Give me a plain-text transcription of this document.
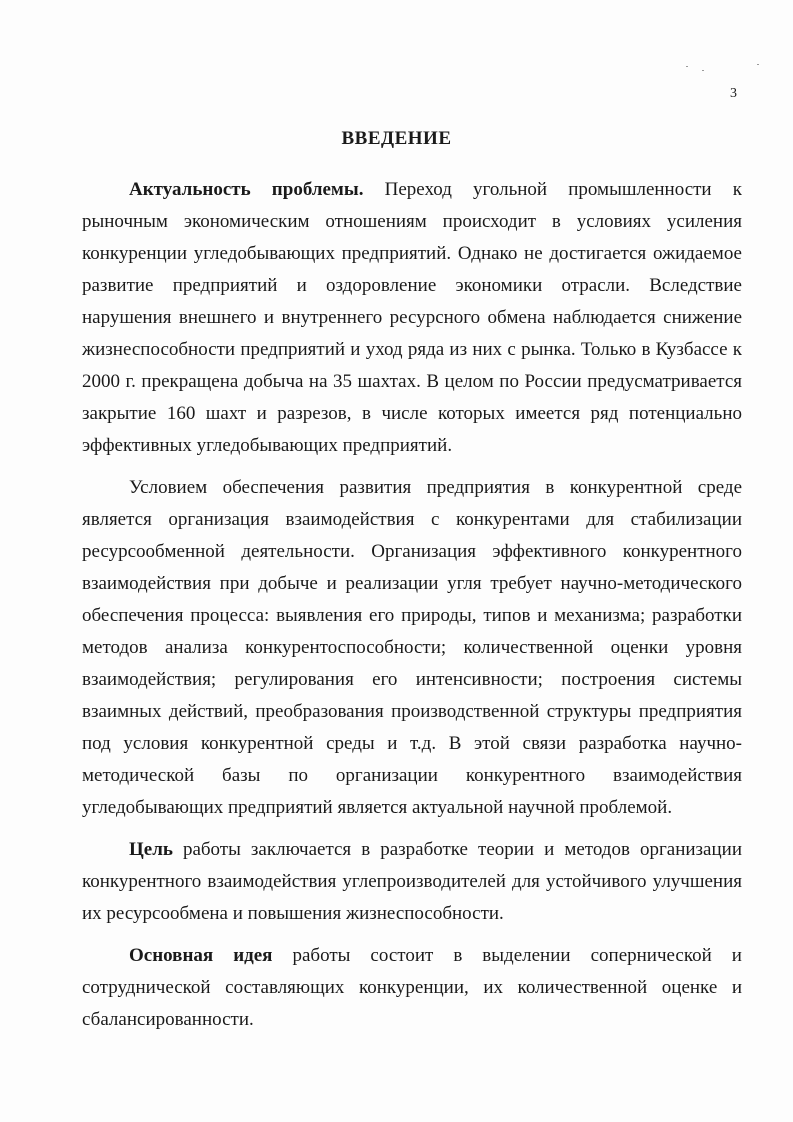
3
ВВЕДЕНИЕ

Актуальность проблемы. Переход угольной промышленности к рыночным экономическим отношениям происходит в условиях усиления конкуренции угледобывающих предприятий. Однако не достигается ожидаемое развитие предприятий и оздоровление экономики отрасли. Вследствие нарушения внешнего и внутреннего ресурсного обмена наблюдается снижение жизнеспособности предприятий и уход ряда из них с рынка. Только в Кузбассе к 2000 г. прекращена добыча на 35 шахтах. В целом по России предусматривается закрытие 160 шахт и разрезов, в числе которых имеется ряд потенциально эффективных угледобывающих предприятий.

Условием обеспечения развития предприятия в конкурентной среде является организация взаимодействия с конкурентами для стабилизации ресурсообменной деятельности. Организация эффективного конкурентного взаимодействия при добыче и реализации угля требует научно-методического обеспечения процесса: выявления его природы, типов и механизма; разработки методов анализа конкурентоспособности; количественной оценки уровня взаимодействия; регулирования его интенсивности; построения системы взаимных действий, преобразования производственной структуры предприятия под условия конкурентной среды и т.д. В этой связи разработка научно-методической базы по организации конкурентного взаимодействия угледобывающих предприятий является актуальной научной проблемой.

Цель работы заключается в разработке теории и методов организации конкурентного взаимодействия углепроизводителей для устойчивого улучшения их ресурсообмена и повышения жизнеспособности.

Основная идея работы состоит в выделении сопернической и сотруднической составляющих конкуренции, их количественной оценке и сбалансированности.
